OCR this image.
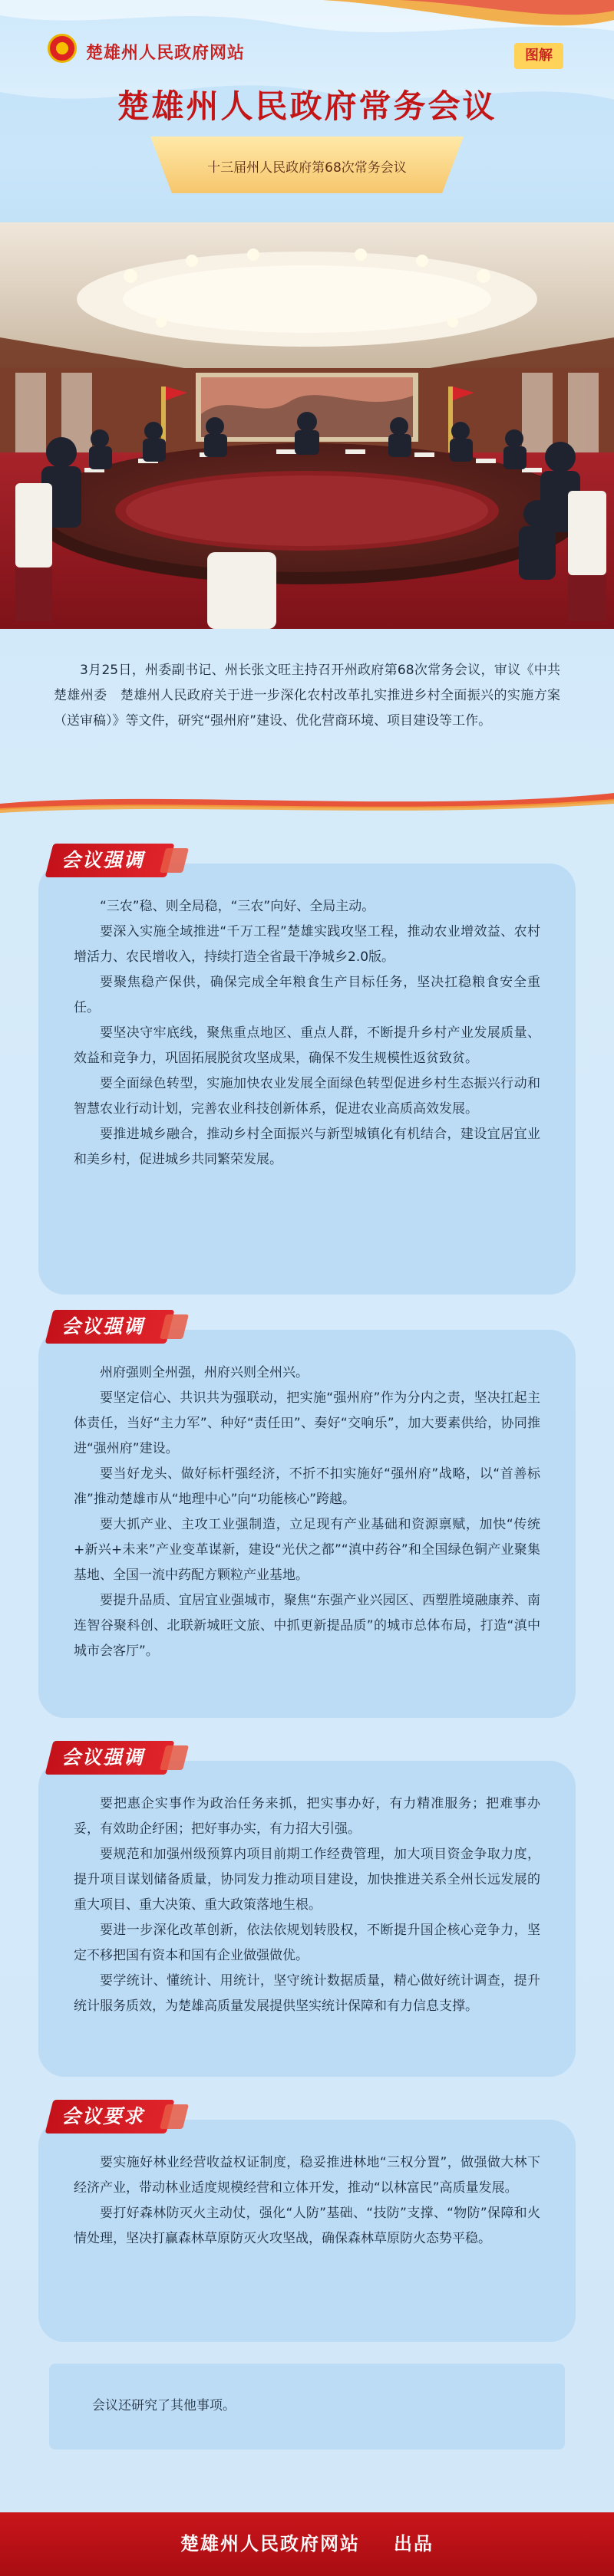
楚雄州人民政府网站	图解
楚雄州人民政府常务会议
十三届州人民政府第68次常务会议

3月25日，州委副书记、州长张文旺主持召开州政府第68次常务会议，审议《中共楚雄州委　楚雄州人民政府关于进一步深化农村改革扎实推进乡村全面振兴的实施方案（送审稿）》等文件，研究“强州府”建设、优化营商环境、项目建设等工作。

会议强调

“三农”稳、则全局稳，“三农”向好、全局主动。

要深入实施全域推进“千万工程”楚雄实践攻坚工程，推动农业增效益、农村增活力、农民增收入，持续打造全省最干净城乡2.0版。

要聚焦稳产保供，确保完成全年粮食生产目标任务，坚决扛稳粮食安全重任。

要坚决守牢底线，聚焦重点地区、重点人群，不断提升乡村产业发展质量、效益和竞争力，巩固拓展脱贫攻坚成果，确保不发生规模性返贫致贫。

要全面绿色转型，实施加快农业发展全面绿色转型促进乡村生态振兴行动和智慧农业行动计划，完善农业科技创新体系，促进农业高质高效发展。

要推进城乡融合，推动乡村全面振兴与新型城镇化有机结合，建设宜居宜业和美乡村，促进城乡共同繁荣发展。

会议强调

州府强则全州强，州府兴则全州兴。

要坚定信心、共识共为强联动，把实施“强州府”作为分内之责，坚决扛起主体责任，当好“主力军”、种好“责任田”、奏好“交响乐”，加大要素供给，协同推进“强州府”建设。

要当好龙头、做好标杆强经济，不折不扣实施好“强州府”战略，以“首善标准”推动楚雄市从“地理中心”向“功能核心”跨越。

要大抓产业、主攻工业强制造，立足现有产业基础和资源禀赋，加快“传统+新兴+未来”产业变革谋新，建设“光伏之都”“滇中药谷”和全国绿色铜产业聚集基地、全国一流中药配方颗粒产业基地。

要提升品质、宜居宜业强城市，聚焦“东强产业兴园区、西塑胜境融康养、南连智谷聚科创、北联新城旺文旅、中抓更新提品质”的城市总体布局，打造“滇中城市会客厅”。

会议强调

要把惠企实事作为政治任务来抓，把实事办好，有力精准服务；把难事办妥，有效助企纾困；把好事办实，有力招大引强。

要规范和加强州级预算内项目前期工作经费管理，加大项目资金争取力度，提升项目谋划储备质量，协同发力推动项目建设，加快推进关系全州长远发展的重大项目、重大决策、重大政策落地生根。

要进一步深化改革创新，依法依规划转股权，不断提升国企核心竞争力，坚定不移把国有资本和国有企业做强做优。

要学统计、懂统计、用统计，坚守统计数据质量，精心做好统计调查，提升统计服务质效，为楚雄高质量发展提供坚实统计保障和有力信息支撑。

会议要求

要实施好林业经营收益权证制度，稳妥推进林地“三权分置”，做强做大林下经济产业，带动林业适度规模经营和立体开发，推动“以林富民”高质量发展。

要打好森林防灭火主动仗，强化“人防”基础、“技防”支撑、“物防”保障和火情处理，坚决打赢森林草原防灭火攻坚战，确保森林草原防火态势平稳。

会议还研究了其他事项。

楚雄州人民政府网站 出品
